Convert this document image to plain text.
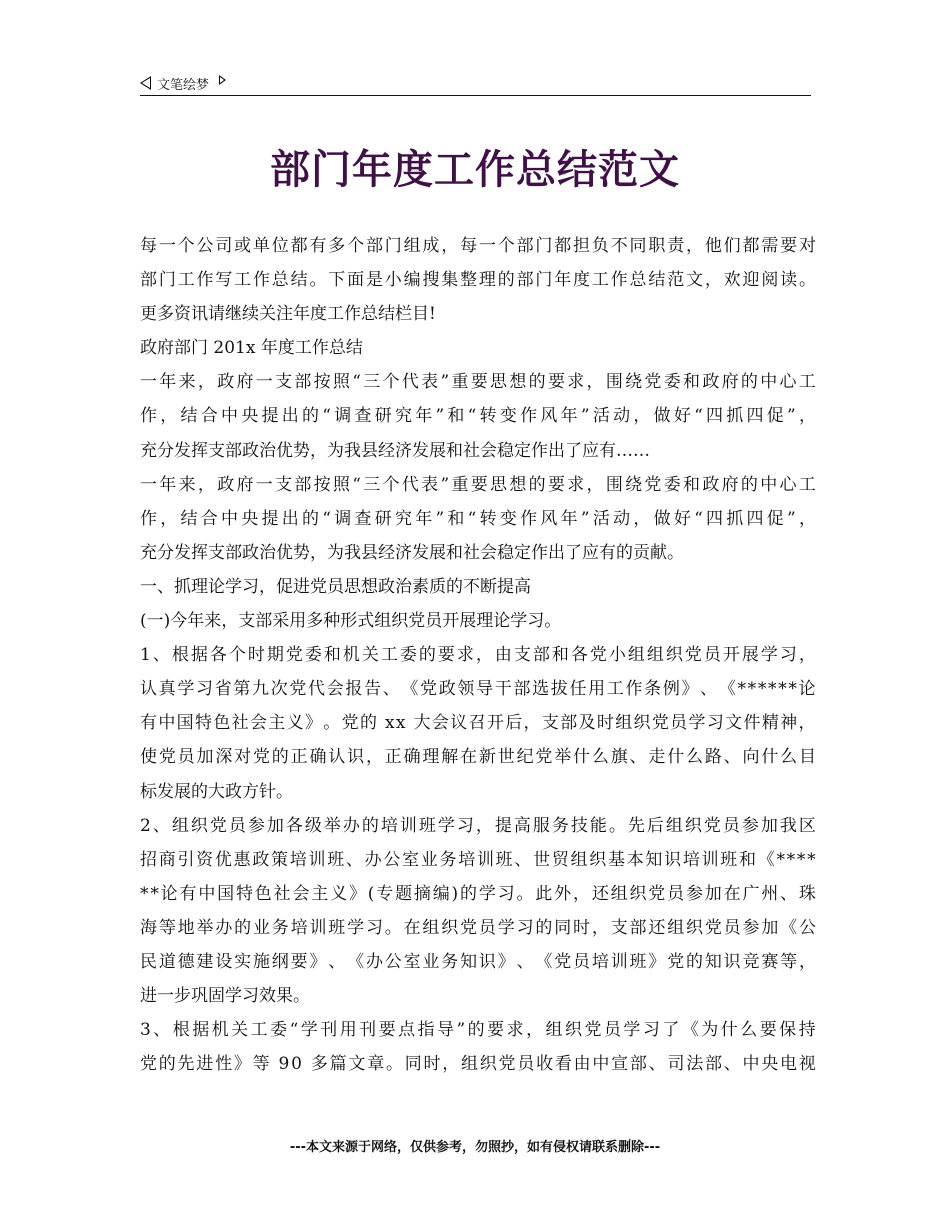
文笔绘梦
部门年度工作总结范文
每 一 个 公 司 或 单 位 都 有 多 个 部 门 组 成 ， 每 一 个 部 门 都 担 负 不 同 职 责 ， 他 们 都 需 要 对
部 门 工 作 写 工 作 总 结 。 下 面 是 小 编 搜 集 整 理 的 部 门 年 度 工 作 总 结 范 文 ， 欢 迎 阅 读 。
更多资讯请继续关注年度工作总结栏目!
政府部门 201x 年度工作总结
一 年 来 ， 政 府 一 支 部 按 照 “ 三 个 代 表 ” 重 要 思 想 的 要 求 ， 围 绕 党 委 和 政 府 的 中 心 工
作 ， 结 合 中 央 提 出 的 “ 调 查 研 究 年 ” 和 “ 转 变 作 风 年 ” 活 动 ， 做 好 “ 四 抓 四 促 ” ，
充分发挥支部政治优势，为我县经济发展和社会稳定作出了应有……
一 年 来 ， 政 府 一 支 部 按 照 “ 三 个 代 表 ” 重 要 思 想 的 要 求 ， 围 绕 党 委 和 政 府 的 中 心 工
作 ， 结 合 中 央 提 出 的 “ 调 查 研 究 年 ” 和 “ 转 变 作 风 年 ” 活 动 ， 做 好 “ 四 抓 四 促 ” ，
充分发挥支部政治优势，为我县经济发展和社会稳定作出了应有的贡献。
一、抓理论学习，促进党员思想政治素质的不断提高
(一)今年来，支部采用多种形式组织党员开展理论学习。
1 、 根 据 各 个 时 期 党 委 和 机 关 工 委 的 要 求 ， 由 支 部 和 各 党 小 组 组 织 党 员 开 展 学 习 ，
认 真 学 习 省 第 九 次 党 代 会 报 告 、 《 党 政 领 导 干 部 选 拔 任 用 工 作 条 例 》 、 《 * * * * * * 论
有 中 国 特 色 社 会 主 义 》 。 党 的
x x
大 会 议 召 开 后 ， 支 部 及 时 组 织 党 员 学 习 文 件 精 神 ，
使 党 员 加 深 对 党 的 正 确 认 识 ， 正 确 理 解 在 新 世 纪 党 举 什 么 旗 、 走 什 么 路 、 向 什 么 目
标发展的大政方针。
2 、 组 织 党 员 参 加 各 级 举 办 的 培 训 班 学 习 ， 提 高 服 务 技 能 。 先 后 组 织 党 员 参 加 我 区
招 商 引 资 优 惠 政 策 培 训 班 、 办 公 室 业 务 培 训 班 、 世 贸 组 织 基 本 知 识 培 训 班 和 《 * * * *
* * 论 有 中 国 特 色 社 会 主 义 》 ( 专 题 摘 编 ) 的 学 习 。 此 外 ， 还 组 织 党 员 参 加 在 广 州 、 珠
海 等 地 举 办 的 业 务 培 训 班 学 习 。 在 组 织 党 员 学 习 的 同 时 ， 支 部 还 组 织 党 员 参 加 《 公
民 道 德 建 设 实 施 纲 要 》 、 《 办 公 室 业 务 知 识 》 、 《 党 员 培 训 班 》 党 的 知 识 竞 赛 等 ，
进一步巩固学习效果。
3 、 根 据 机 关 工 委 “ 学 刊 用 刊 要 点 指 导 ” 的 要 求 ， 组 织 党 员 学 习 了 《 为 什 么 要 保 持
党 的 先 进 性 》 等
9 0
多 篇 文 章 。 同 时 ， 组 织 党 员 收 看 由 中 宣 部 、 司 法 部 、 中 央 电 视
---本文来源于网络，仅供参考，勿照抄，如有侵权请联系删除---
